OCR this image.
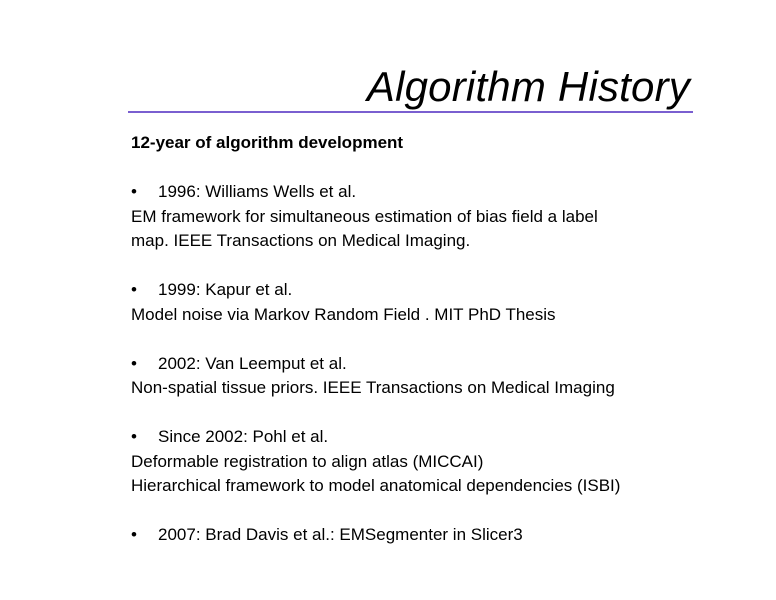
Algorithm History
12-year of algorithm development
•	1996: Williams Wells et al.
EM framework for simultaneous estimation of bias field a label
map. IEEE Transactions on Medical Imaging.
•	1999: Kapur et al.
Model noise via Markov Random Field . MIT PhD Thesis
•	2002: Van Leemput et al.
Non-spatial tissue priors. IEEE Transactions on Medical Imaging
•	Since 2002: Pohl et al.
Deformable registration to align atlas (MICCAI)
Hierarchical framework to model anatomical dependencies (ISBI)
•	2007: Brad Davis et al.: EMSegmenter in Slicer3
